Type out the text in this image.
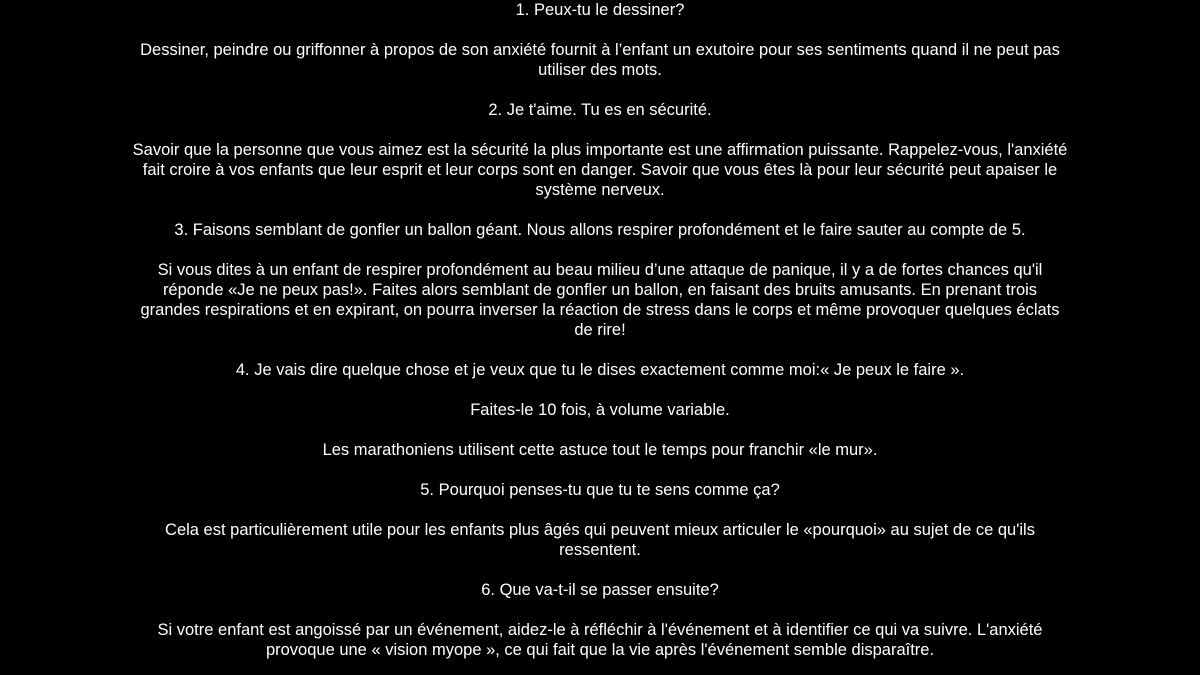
1. Peux-tu le dessiner?

Dessiner, peindre ou griffonner à propos de son anxiété fournit à l’enfant un exutoire pour ses sentiments quand il ne peut pas
utiliser des mots.

2. Je t'aime. Tu es en sécurité.

Savoir que la personne que vous aimez est la sécurité la plus importante est une affirmation puissante. Rappelez-vous, l'anxiété
fait croire à vos enfants que leur esprit et leur corps sont en danger. Savoir que vous êtes là pour leur sécurité peut apaiser le
système nerveux.

3. Faisons semblant de gonfler un ballon géant. Nous allons respirer profondément et le faire sauter au compte de 5.

Si vous dites à un enfant de respirer profondément au beau milieu d’une attaque de panique, il y a de fortes chances qu'il
réponde «Je ne peux pas!». Faites alors semblant de gonfler un ballon, en faisant des bruits amusants. En prenant trois
grandes respirations et en expirant, on pourra inverser la réaction de stress dans le corps et même provoquer quelques éclats
de rire!

4. Je vais dire quelque chose et je veux que tu le dises exactement comme moi:« Je peux le faire ».

Faites-le 10 fois, à volume variable.

Les marathoniens utilisent cette astuce tout le temps pour franchir «le mur».

5. Pourquoi penses-tu que tu te sens comme ça?

Cela est particulièrement utile pour les enfants plus âgés qui peuvent mieux articuler le «pourquoi» au sujet de ce qu'ils
ressentent.

6. Que va-t-il se passer ensuite?

Si votre enfant est angoissé par un événement, aidez-le à réfléchir à l'événement et à identifier ce qui va suivre. L'anxiété
provoque une « vision myope », ce qui fait que la vie après l'événement semble disparaître.
